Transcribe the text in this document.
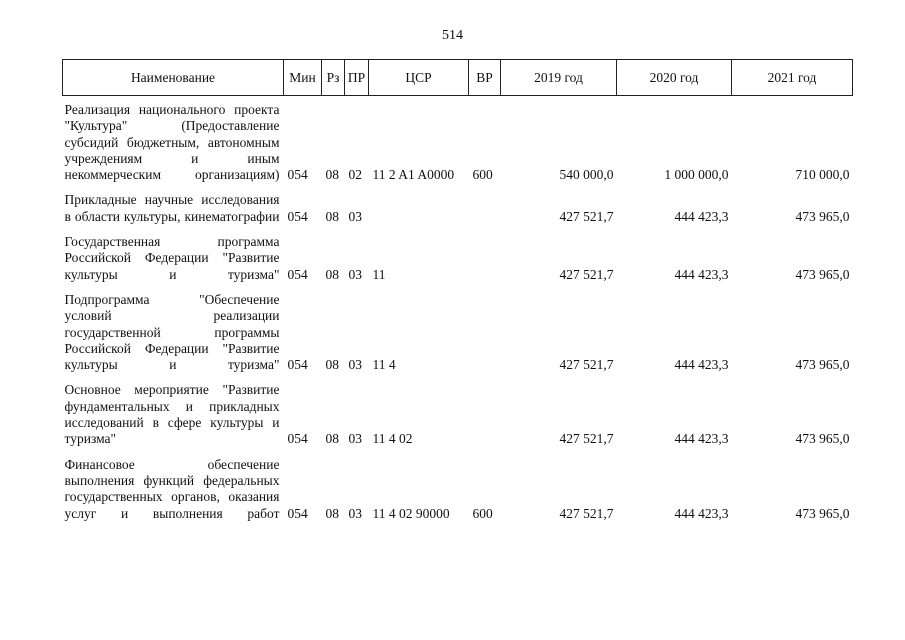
514
Наименование	Мин	Рз	ПР	ЦСР	ВР	2019 год	2020 год	2021 год
Реализация национального проекта "Культура" (Предоставление субсидий бюджетным, автономным учреждениям и иным некоммерческим организациям)	054	08	02	11 2 A1 A0000	600	540 000,0	1 000 000,0	710 000,0
Прикладные научные исследования в области культуры, кинематографии	054	08	03			427 521,7	444 423,3	473 965,0
Государственная программа Российской Федерации "Развитие культуры и туризма"	054	08	03	11		427 521,7	444 423,3	473 965,0
Подпрограмма "Обеспечение условий реализации государственной программы Российской Федерации "Развитие культуры и туризма"	054	08	03	11 4		427 521,7	444 423,3	473 965,0
Основное мероприятие "Развитие фундаментальных и прикладных исследований в сфере культуры и туризма"	054	08	03	11 4 02		427 521,7	444 423,3	473 965,0
Финансовое обеспечение выполнения функций федеральных государственных органов, оказания услуг и выполнения работ	054	08	03	11 4 02 90000	600	427 521,7	444 423,3	473 965,0
